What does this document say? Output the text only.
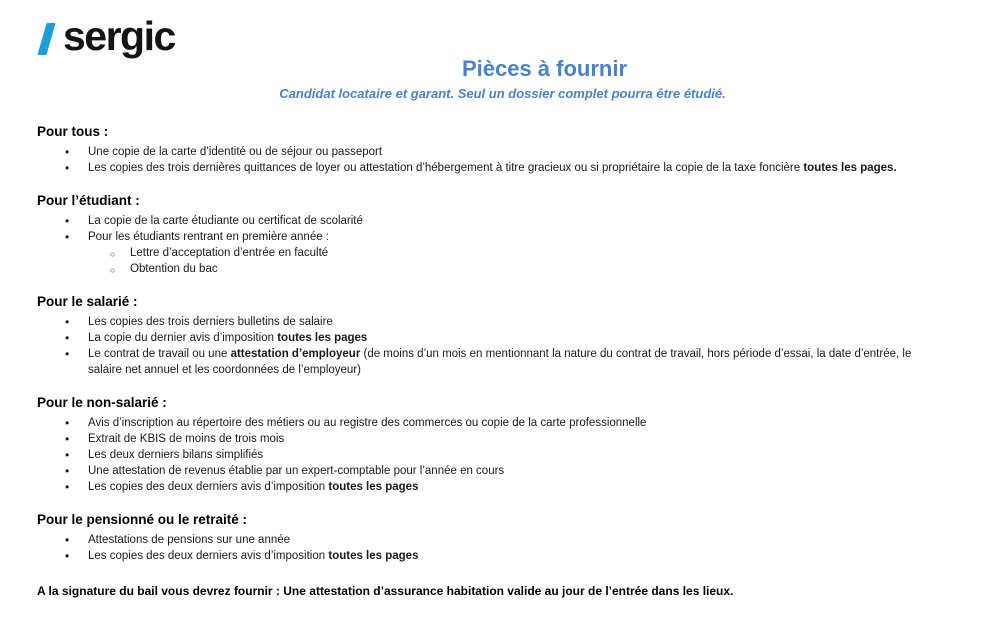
sergic
Pièces à fournir
Candidat locataire et garant. Seul un dossier complet pourra être étudié.
Pour tous :
• Une copie de la carte d’identité ou de séjour ou passeport
• Les copies des trois dernières quittances de loyer ou attestation d’hébergement à titre gracieux ou si propriétaire la copie de la taxe foncière toutes les pages.
Pour l’étudiant :
• La copie de la carte étudiante ou certificat de scolarité
• Pour les étudiants rentrant en première année :
○ Lettre d’acceptation d’entrée en faculté
○ Obtention du bac
Pour le salarié :
• Les copies des trois derniers bulletins de salaire
• La copie du dernier avis d’imposition toutes les pages
• Le contrat de travail ou une attestation d’employeur (de moins d’un mois en mentionnant la nature du contrat de travail, hors période d’essai, la date d’entrée, le salaire net annuel et les coordonnées de l’employeur)
Pour le non-salarié :
• Avis d’inscription au répertoire des métiers ou au registre des commerces ou copie de la carte professionnelle
• Extrait de KBIS de moins de trois mois
• Les deux derniers bilans simplifiés
• Une attestation de revenus établie par un expert-comptable pour l’année en cours
• Les copies des deux derniers avis d’imposition toutes les pages
Pour le pensionné ou le retraité :
• Attestations de pensions sur une année
• Les copies des deux derniers avis d’imposition toutes les pages
A la signature du bail vous devrez fournir : Une attestation d’assurance habitation valide au jour de l’entrée dans les lieux.
